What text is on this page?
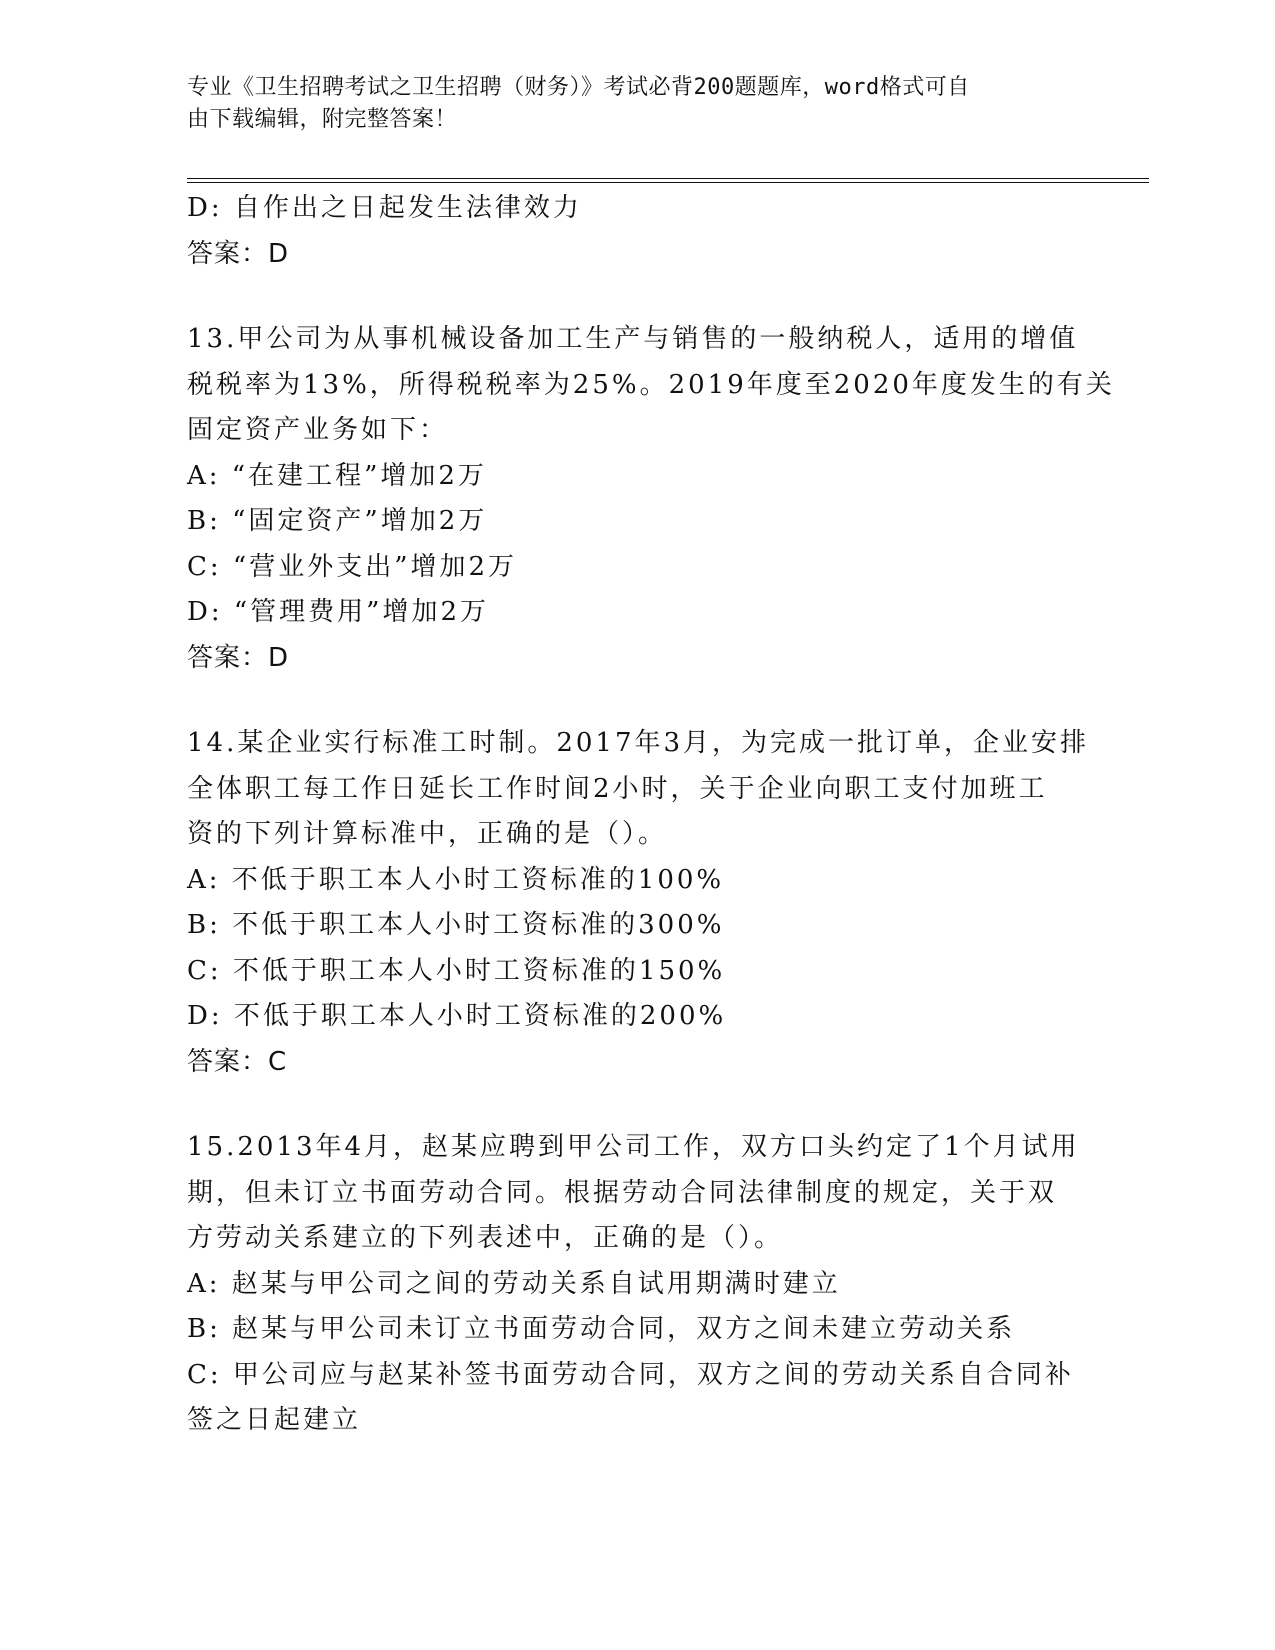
专业《卫生招聘考试之卫生招聘（财务）》考试必背200题题库，word格式可自
由下载编辑，附完整答案！
D: 自作出之日起发生法律效力
答案：D
13.甲公司为从事机械设备加工生产与销售的一般纳税人，适用的增值
税税率为13%，所得税税率为25%。2019年度至2020年度发生的有关
固定资产业务如下：
A: “在建工程”增加2万
B: “固定资产”增加2万
C: “营业外支出”增加2万
D: “管理费用”增加2万
答案：D
14.某企业实行标准工时制。2017年3月，为完成一批订单，企业安排
全体职工每工作日延长工作时间2小时，关于企业向职工支付加班工
资的下列计算标准中，正确的是（）。
A: 不低于职工本人小时工资标准的100%
B: 不低于职工本人小时工资标准的300%
C: 不低于职工本人小时工资标准的150%
D: 不低于职工本人小时工资标准的200%
答案：C
15.2013年4月，赵某应聘到甲公司工作，双方口头约定了1个月试用
期，但未订立书面劳动合同。根据劳动合同法律制度的规定，关于双
方劳动关系建立的下列表述中，正确的是（）。
A: 赵某与甲公司之间的劳动关系自试用期满时建立
B: 赵某与甲公司未订立书面劳动合同，双方之间未建立劳动关系
C: 甲公司应与赵某补签书面劳动合同，双方之间的劳动关系自合同补
签之日起建立
